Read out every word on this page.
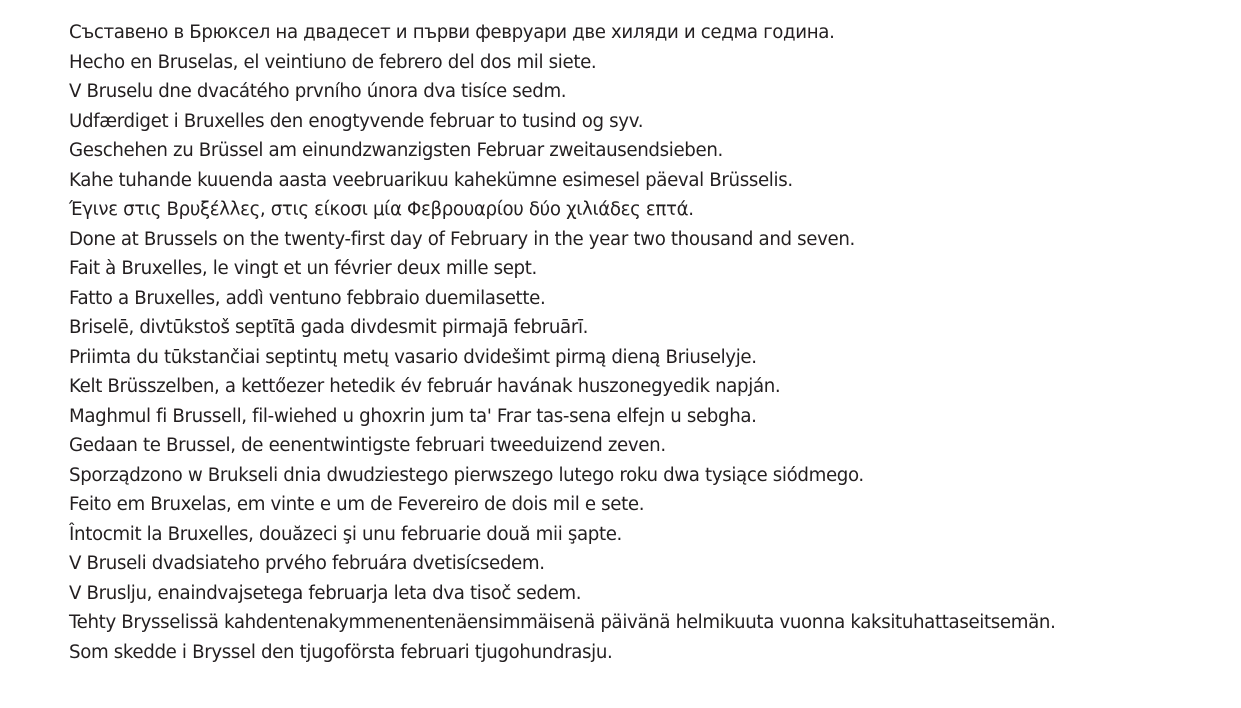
Съставено в Брюксел на двадесет и първи февруари две хиляди и седма година.
Hecho en Bruselas, el veintiuno de febrero del dos mil siete.
V Bruselu dne dvacátého prvního února dva tisíce sedm.
Udfærdiget i Bruxelles den enogtyvende februar to tusind og syv.
Geschehen zu Brüssel am einundzwanzigsten Februar zweitausendsieben.
Kahe tuhande kuuenda aasta veebruarikuu kahekümne esimesel päeval Brüsselis.
Έγινε στις Βρυξέλλες, στις είκοσι μία Φεβρουαρίου δύο χιλιάδες επτά.
Done at Brussels on the twenty-first day of February in the year two thousand and seven.
Fait à Bruxelles, le vingt et un février deux mille sept.
Fatto a Bruxelles, addì ventuno febbraio duemilasette.
Briselē, divtūkstoš septītā gada divdesmit pirmajā februārī.
Priimta du tūkstančiai septintų metų vasario dvidešimt pirmą dieną Briuselyje.
Kelt Brüsszelben, a kettőezer hetedik év február havának huszonegyedik napján.
Maghmul fi Brussell, fil-wiehed u ghoxrin jum ta' Frar tas-sena elfejn u sebgha.
Gedaan te Brussel, de eenentwintigste februari tweeduizend zeven.
Sporządzono w Brukseli dnia dwudziestego pierwszego lutego roku dwa tysiące siódmego.
Feito em Bruxelas, em vinte e um de Fevereiro de dois mil e sete.
Întocmit la Bruxelles, douăzeci şi unu februarie două mii şapte.
V Bruseli dvadsiateho prvého februára dvetisícsedem.
V Bruslju, enaindvajsetega februarja leta dva tisoč sedem.
Tehty Brysselissä kahdentenakymmenentenäensimmäisenä päivänä helmikuuta vuonna kaksituhattaseitsemän.
Som skedde i Bryssel den tjugoförsta februari tjugohundrasju.
